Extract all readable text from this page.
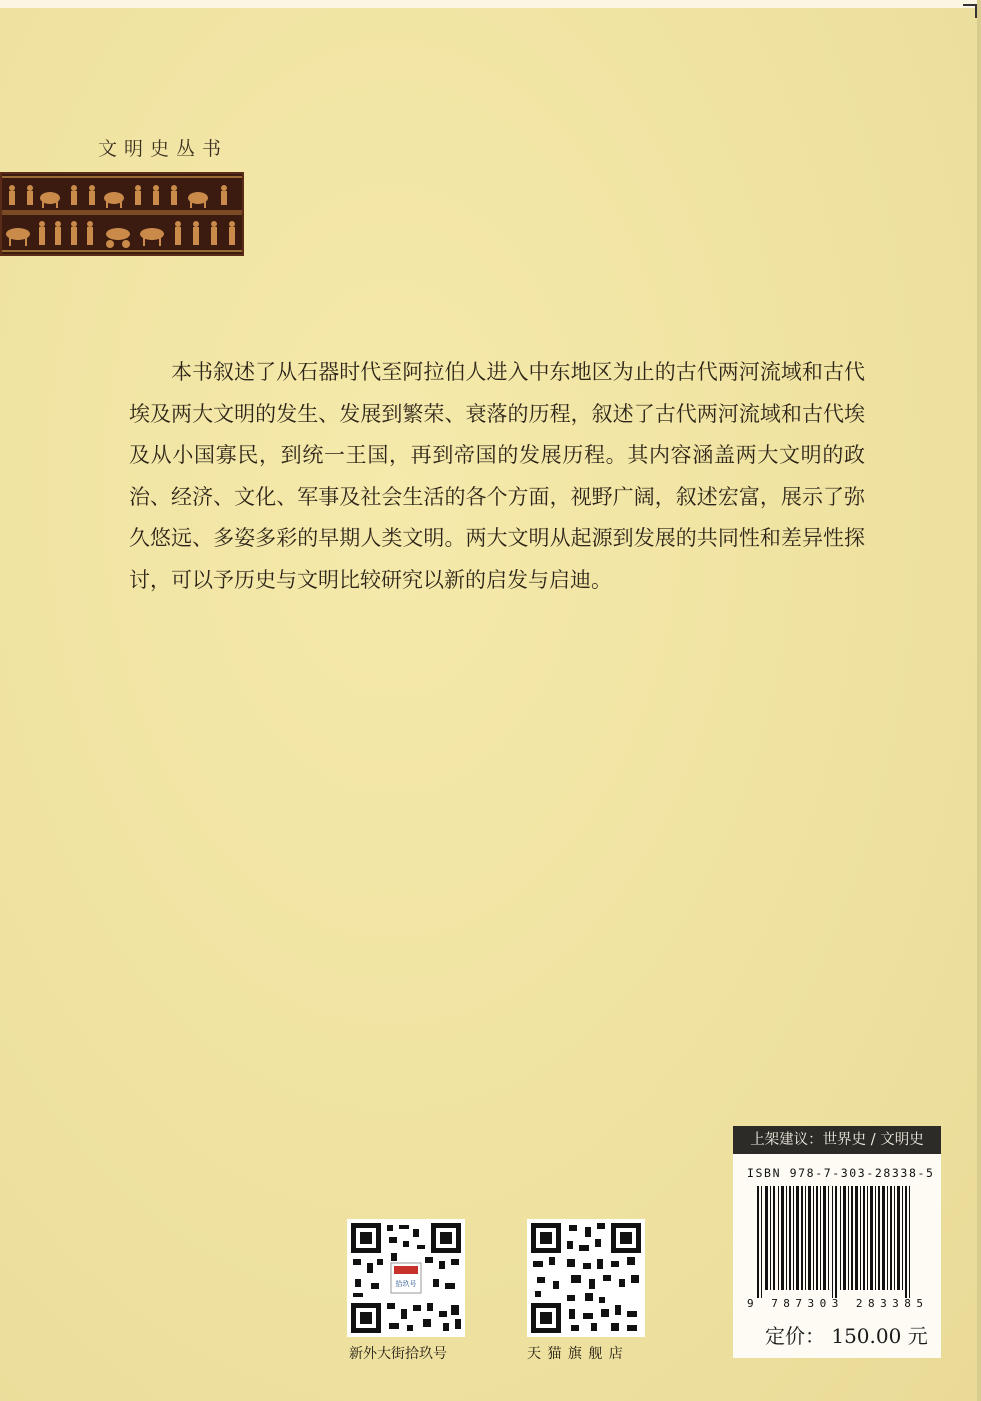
文明史丛书

本书叙述了从石器时代至阿拉伯人进入中东地区为止的古代两河流域和古代埃及两大文明的发生、发展到繁荣、衰落的历程，叙述了古代两河流域和古代埃及从小国寡民，到统一王国，再到帝国的发展历程。其内容涵盖两大文明的政治、经济、文化、军事及社会生活的各个方面，视野广阔，叙述宏富，展示了弥久悠远、多姿多彩的早期人类文明。两大文明从起源到发展的共同性和差异性探讨，可以予历史与文明比较研究以新的启发与启迪。

拾玖号
新外大街拾玖号	天 猫 旗 舰 店
上架建议：世界史 / 文明史
ISBN 978-7-303-28338-5
9 787303 283385
定价： 150.00 元
